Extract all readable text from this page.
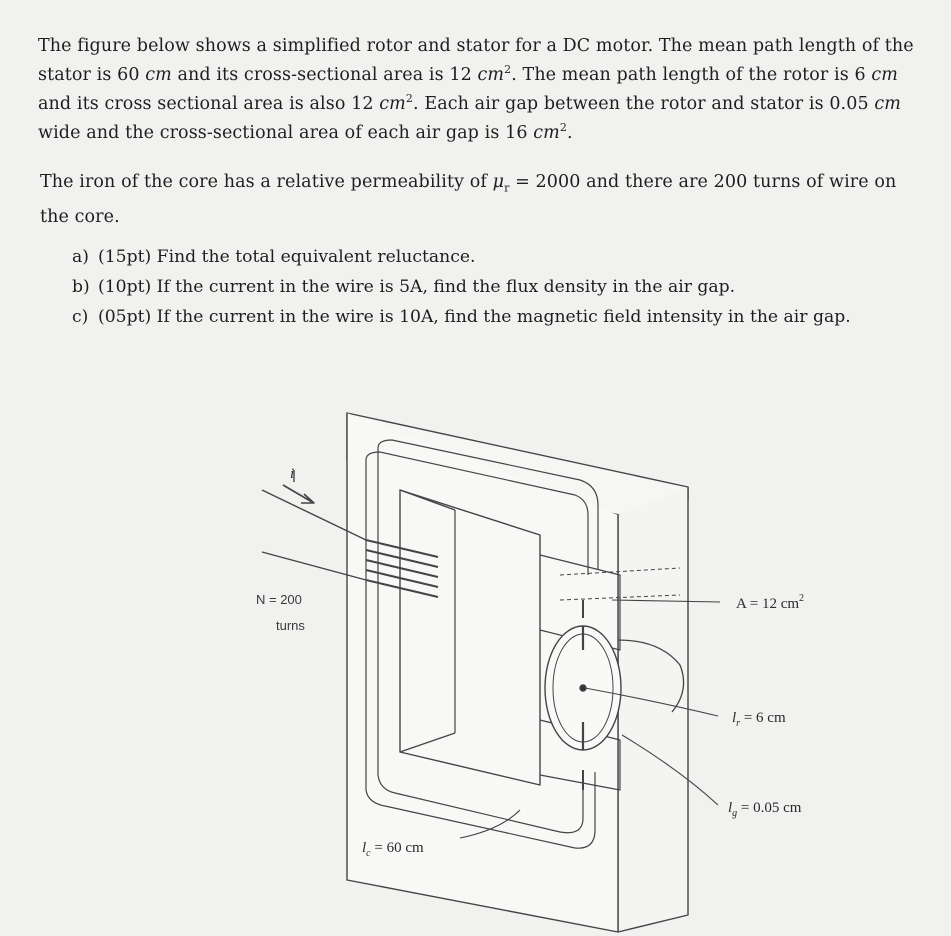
The figure below shows a simplified rotor and stator for a DC motor. The mean path length of the stator is 60 cm and its cross-sectional area is 12 $cm^2$. The mean path length of the rotor is 6 cm and its cross sectional area is also 12 $cm^2$. Each air gap between the rotor and stator is 0.05 cm wide and the cross-sectional area of each air gap is 16 $cm^2$.
The iron of the core has a relative permeability of $\mu_r = 2000$ and there are 200 turns of wire on the core.
a) (15pt) Find the total equivalent reluctance.
b) (10pt) If the current in the wire is 5A, find the flux density in the air gap.
c) (05pt) If the current in the wire is 10A, find the magnetic field intensity in the air gap.
i
N = 200
turns
A = 12 $cm^2$
$l_r = 6$ cm
$l_g = 0.05$ cm
$l_c = 60$ cm
